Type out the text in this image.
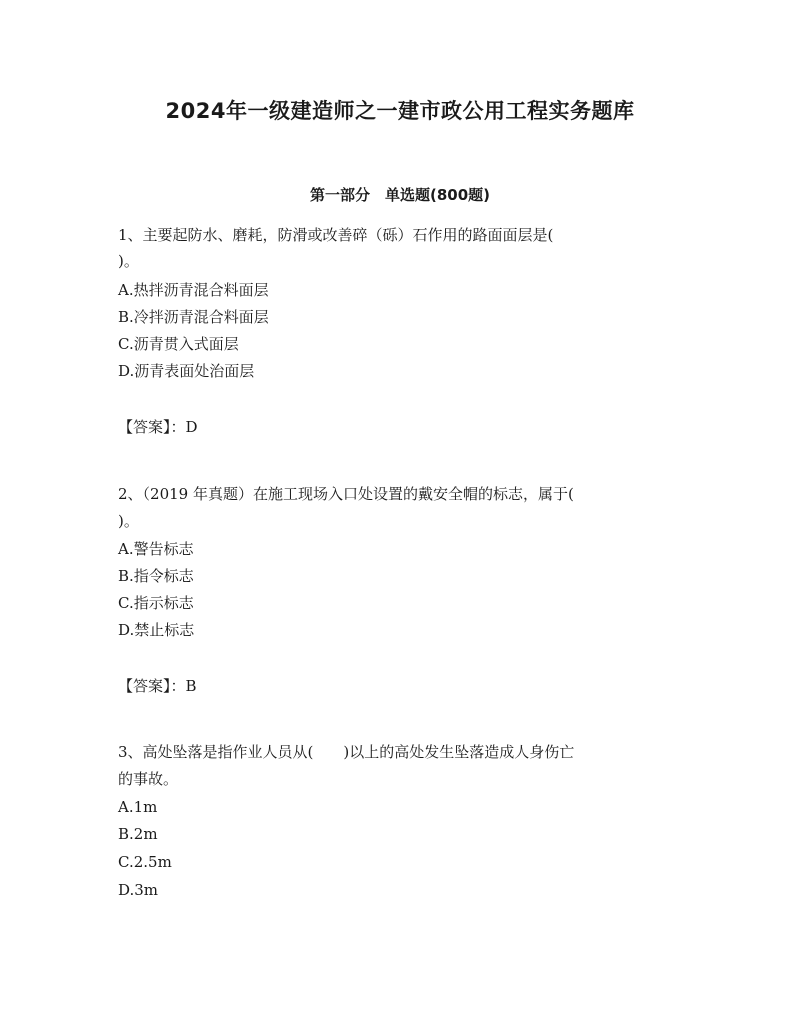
2024年一级建造师之一建市政公用工程实务题库
第一部分　单选题(800题)
1、主要起防水、磨耗，防滑或改善碎（砾）石作用的路面面层是(
)。
A.热拌沥青混合料面层
B.冷拌沥青混合料面层
C.沥青贯入式面层
D.沥青表面处治面层
【答案】：D
2、（2019 年真题）在施工现场入口处设置的戴安全帽的标志，属于(
)。
A.警告标志
B.指令标志
C.指示标志
D.禁止标志
【答案】：B
3、高处坠落是指作业人员从(　　)以上的高处发生坠落造成人身伤亡
的事故。
A.1m
B.2m
C.2.5m
D.3m
